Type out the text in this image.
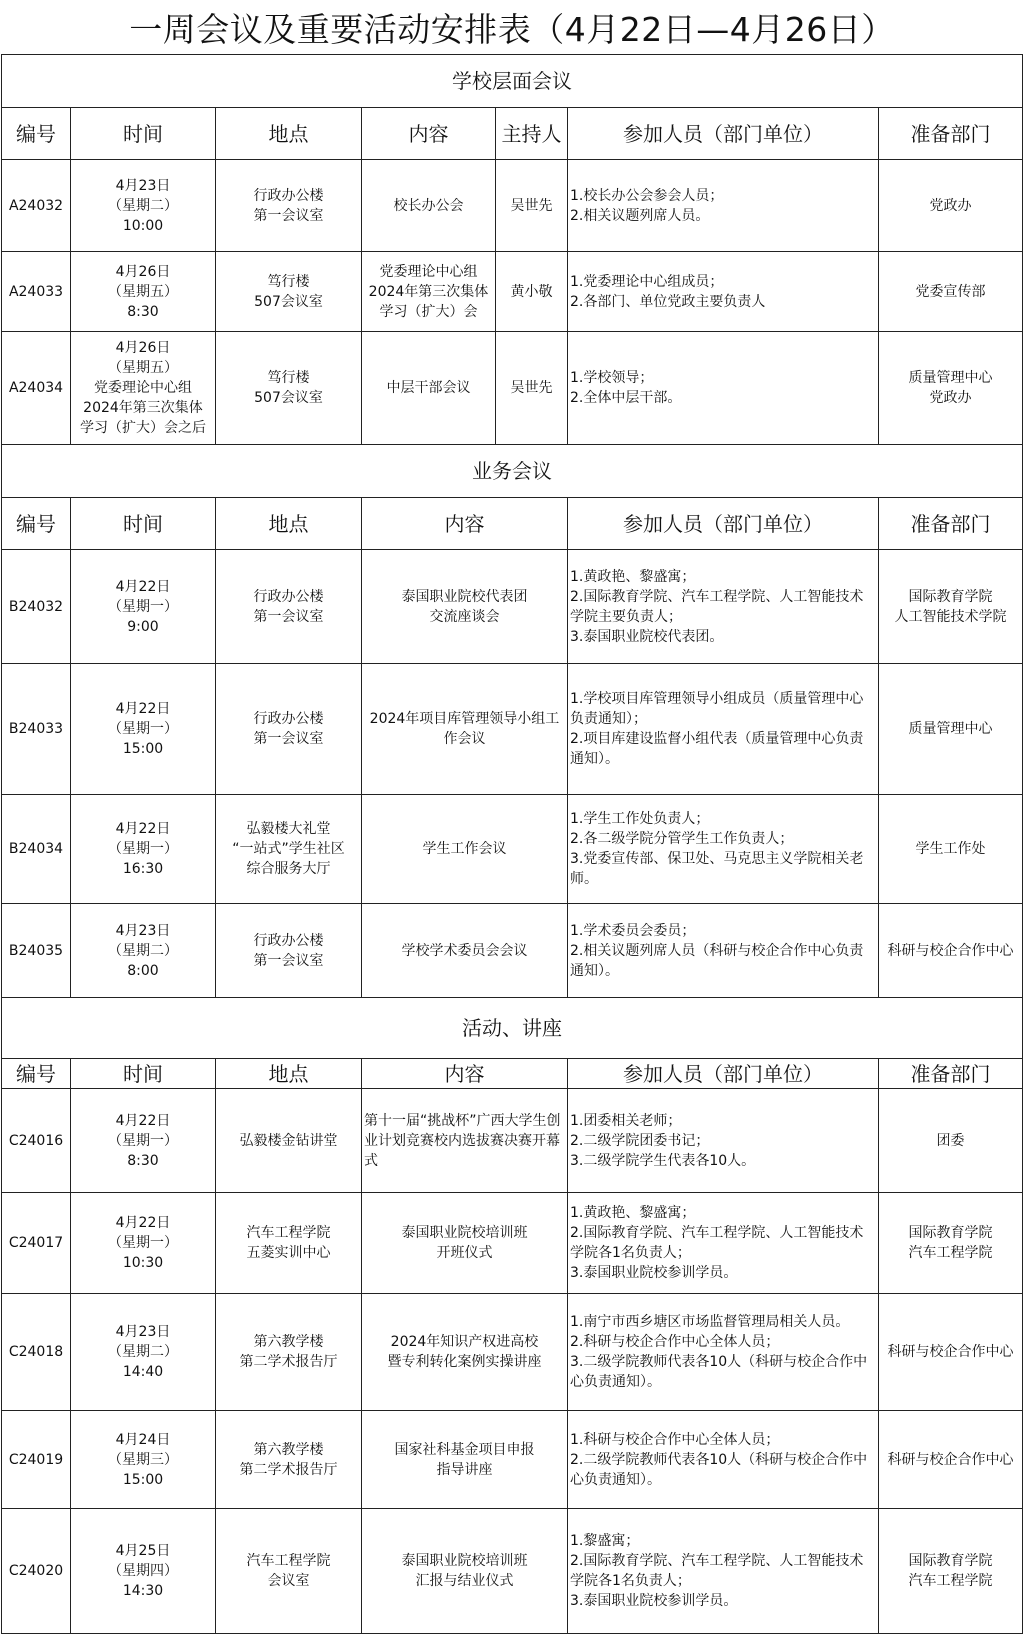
一周会议及重要活动安排表（4月22日—4月26日）
学校层面会议						
编号	时间	地点	内容	主持人	参加人员（部门单位）	准备部门
A24032	4月23日
（星期二）
10:00	行政办公楼
第一会议室	校长办公会	吴世先	1.校长办公会参会人员；
2.相关议题列席人员。	党政办
A24033	4月26日
（星期五）
8:30	笃行楼
507会议室	党委理论中心组
2024年第三次集体
学习（扩大）会	黄小敬	1.党委理论中心组成员；
2.各部门、单位党政主要负责人	党委宣传部
A24034	4月26日
（星期五）
党委理论中心组
2024年第三次集体
学习（扩大）会之后	笃行楼
507会议室	中层干部会议	吴世先	1.学校领导；
2.全体中层干部。	质量管理中心
党政办
业务会议						
编号	时间	地点	内容		参加人员（部门单位）	准备部门
B24032	4月22日
（星期一）
9:00	行政办公楼
第一会议室	泰国职业院校代表团
交流座谈会		1.黄政艳、黎盛寓；
2.国际教育学院、汽车工程学院、人工智能技术学院主要负责人；
3.泰国职业院校代表团。	国际教育学院
人工智能技术学院
B24033	4月22日
（星期一）
15:00	行政办公楼
第一会议室	2024年项目库管理领导小组工作会议		1.学校项目库管理领导小组成员（质量管理中心负责通知）；
2.项目库建设监督小组代表（质量管理中心负责通知）。	质量管理中心
B24034	4月22日
（星期一）
16:30	弘毅楼大礼堂
“一站式”学生社区
综合服务大厅	学生工作会议		1.学生工作处负责人；
2.各二级学院分管学生工作负责人；
3.党委宣传部、保卫处、马克思主义学院相关老师。	学生工作处
B24035	4月23日
（星期二）
8:00	行政办公楼
第一会议室	学校学术委员会会议		1.学术委员会委员；
2.相关议题列席人员（科研与校企合作中心负责通知）。	科研与校企合作中心
活动、讲座						
编号	时间	地点	内容		参加人员（部门单位）	准备部门
C24016	4月22日
（星期一）
8:30	弘毅楼金钻讲堂	第十一届“挑战杯”广西大学生创业计划竞赛校内选拔赛决赛开幕式		1.团委相关老师；
2.二级学院团委书记；
3.二级学院学生代表各10人。	团委
C24017	4月22日
（星期一）
10:30	汽车工程学院
五菱实训中心	泰国职业院校培训班
开班仪式		1.黄政艳、黎盛寓；
2.国际教育学院、汽车工程学院、人工智能技术学院各1名负责人；
3.泰国职业院校参训学员。	国际教育学院
汽车工程学院
C24018	4月23日
（星期二）
14:40	第六教学楼
第二学术报告厅	2024年知识产权进高校
暨专利转化案例实操讲座		1.南宁市西乡塘区市场监督管理局相关人员。
2.科研与校企合作中心全体人员；
3.二级学院教师代表各10人（科研与校企合作中心负责通知）。	科研与校企合作中心
C24019	4月24日
（星期三）
15:00	第六教学楼
第二学术报告厅	国家社科基金项目申报
指导讲座		1.科研与校企合作中心全体人员；
2.二级学院教师代表各10人（科研与校企合作中心负责通知）。	科研与校企合作中心
C24020	4月25日
（星期四）
14:30	汽车工程学院
会议室	泰国职业院校培训班
汇报与结业仪式		1.黎盛寓；
2.国际教育学院、汽车工程学院、人工智能技术学院各1名负责人；
3.泰国职业院校参训学员。	国际教育学院
汽车工程学院
